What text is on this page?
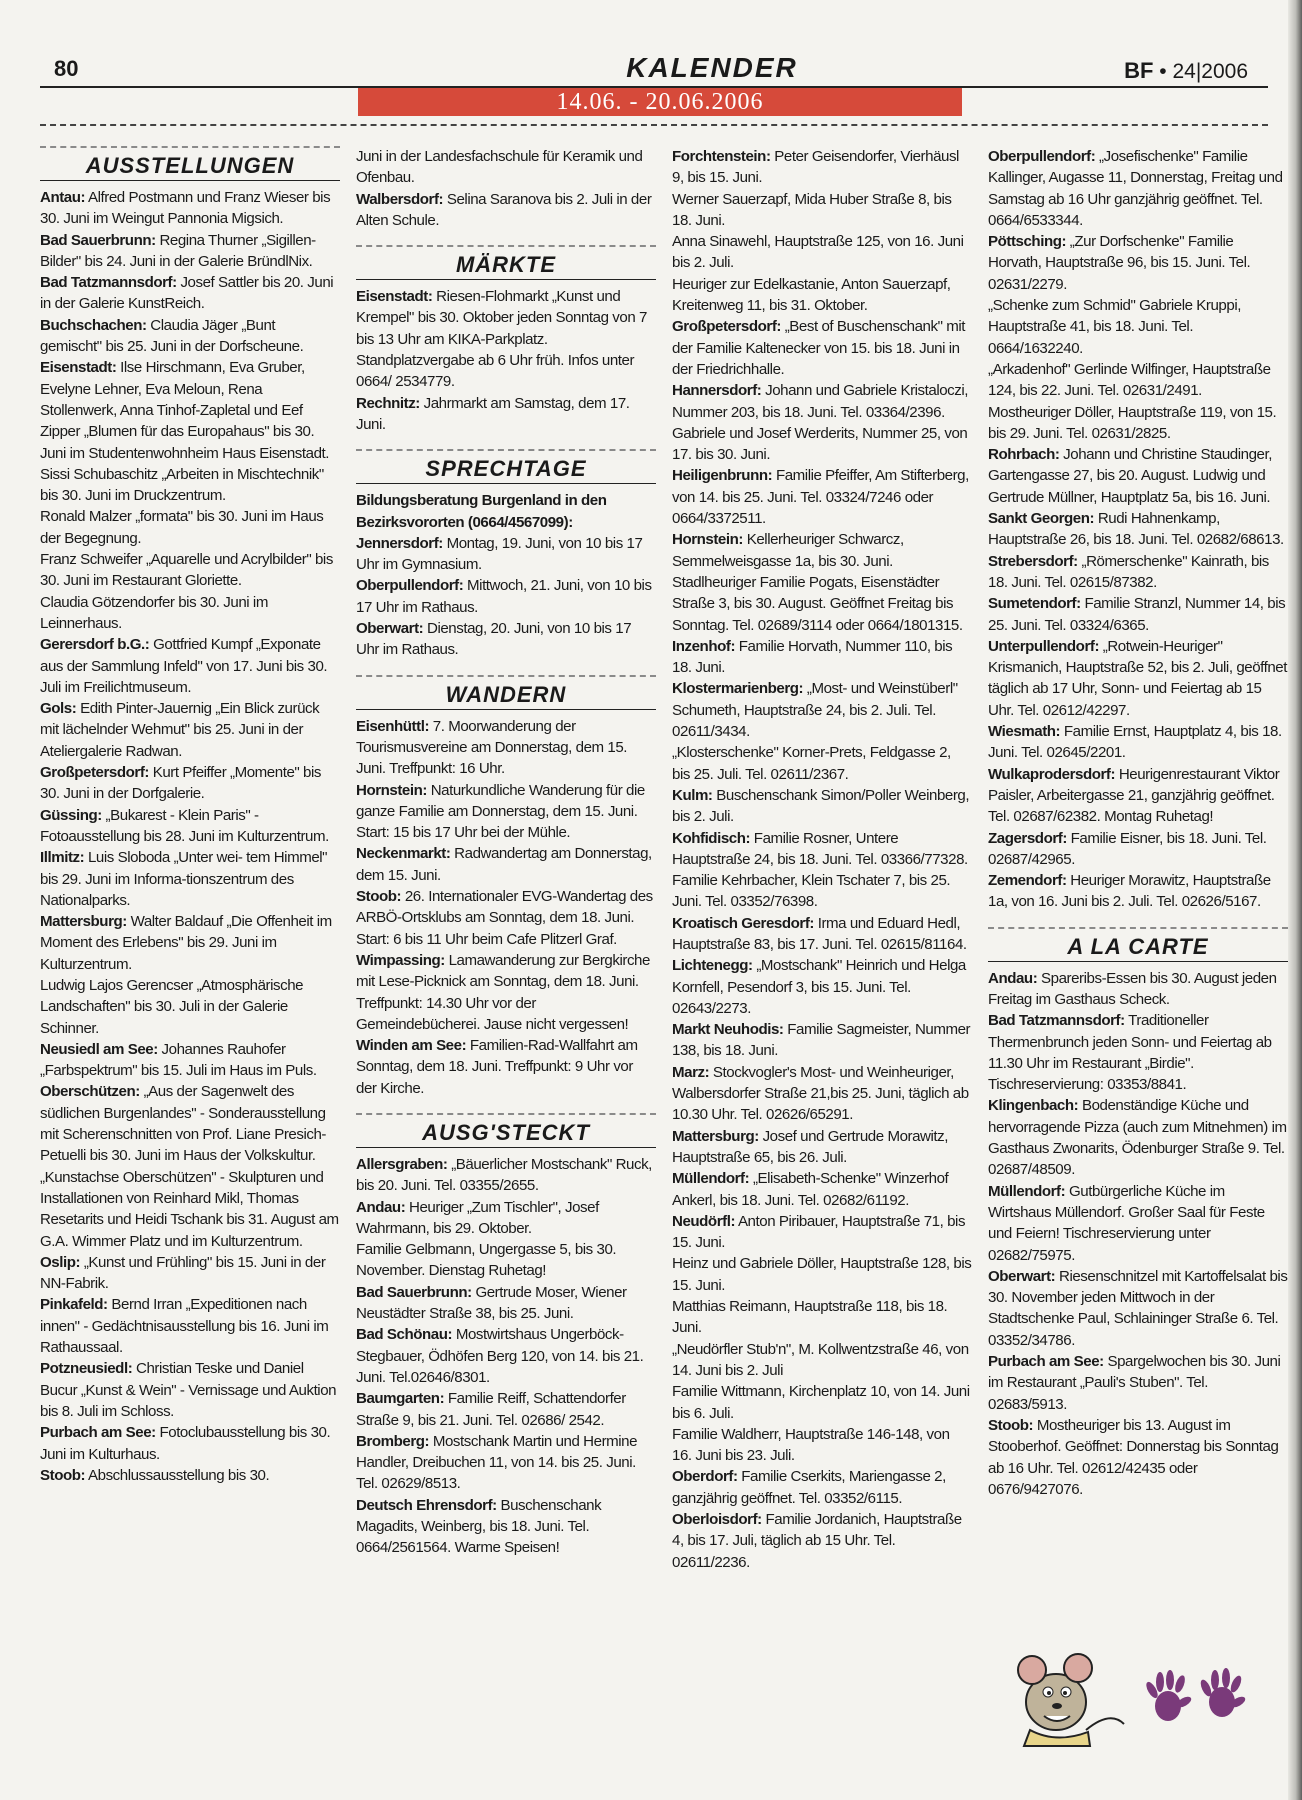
80	KALENDER	BF • 24|2006
14.06. - 20.06.2006
AUSSTELLUNGEN

Antau: Alfred Postmann und Franz Wieser bis 30. Juni im Weingut Pannonia Migsich.

Bad Sauerbrunn: Regina Thurner „Sigillen-Bilder" bis 24. Juni in der Galerie BründlNix.

Bad Tatzmannsdorf: Josef Sattler bis 20. Juni in der Galerie KunstReich.

Buchschachen: Claudia Jäger „Bunt gemischt" bis 25. Juni in der Dorfscheune.

Eisenstadt: Ilse Hirschmann, Eva Gruber, Evelyne Lehner, Eva Meloun, Rena Stollenwerk, Anna Tinhof-Zapletal und Eef Zipper „Blumen für das Europahaus" bis 30. Juni im Studentenwohnheim Haus Eisenstadt.

Sissi Schubaschitz „Arbeiten in Mischtechnik" bis 30. Juni im Druckzentrum.

Ronald Malzer „formata" bis 30. Juni im Haus der Begegnung.

Franz Schweifer „Aquarelle und Acrylbilder" bis 30. Juni im Restaurant Gloriette.

Claudia Götzendorfer bis 30. Juni im Leinnerhaus.

Gerersdorf b.G.: Gottfried Kumpf „Exponate aus der Sammlung Infeld" von 17. Juni bis 30. Juli im Freilichtmuseum.

Gols: Edith Pinter-Jauernig „Ein Blick zurück mit lächelnder Wehmut" bis 25. Juni in der Ateliergalerie Radwan.

Großpetersdorf: Kurt Pfeiffer „Momente" bis 30. Juni in der Dorfgalerie.

Güssing: „Bukarest - Klein Paris" - Fotoausstellung bis 28. Juni im Kulturzentrum.

Illmitz: Luis Sloboda „Unter wei- tem Himmel" bis 29. Juni im Informa-tionszentrum des Nationalparks.

Mattersburg: Walter Baldauf „Die Offenheit im Moment des Erlebens" bis 29. Juni im Kulturzentrum.

Ludwig Lajos Gerencser „Atmosphärische Landschaften" bis 30. Juli in der Galerie Schinner.

Neusiedl am See: Johannes Rauhofer „Farbspektrum" bis 15. Juli im Haus im Puls.

Oberschützen: „Aus der Sagenwelt des südlichen Burgenlandes" - Sonderausstellung mit Scherenschnitten von Prof. Liane Presich-Petuelli bis 30. Juni im Haus der Volkskultur.

„Kunstachse Oberschützen" - Skulpturen und Installationen von Reinhard Mikl, Thomas Resetarits und Heidi Tschank bis 31. August am G.A. Wimmer Platz und im Kulturzentrum.

Oslip: „Kunst und Frühling" bis 15. Juni in der NN-Fabrik.

Pinkafeld: Bernd Irran „Expeditionen nach innen" - Gedächtnisausstellung bis 16. Juni im Rathaussaal.

Potzneusiedl: Christian Teske und Daniel Bucur „Kunst & Wein" - Vernissage und Auktion bis 8. Juli im Schloss.

Purbach am See: Fotoclubausstellung bis 30. Juni im Kulturhaus.

Stoob: Abschlussausstellung bis 30.

Juni in der Landesfachschule für Keramik und Ofenbau.

Walbersdorf: Selina Saranova bis 2. Juli in der Alten Schule.

MÄRKTE

Eisenstadt: Riesen-Flohmarkt „Kunst und Krempel" bis 30. Oktober jeden Sonntag von 7 bis 13 Uhr am KIKA-Parkplatz. Standplatzvergabe ab 6 Uhr früh. Infos unter 0664/ 2534779.

Rechnitz: Jahrmarkt am Samstag, dem 17. Juni.

SPRECHTAGE

Bildungsberatung Burgenland in den Bezirksvororten (0664/4567099):

Jennersdorf: Montag, 19. Juni, von 10 bis 17 Uhr im Gymnasium.

Oberpullendorf: Mittwoch, 21. Juni, von 10 bis 17 Uhr im Rathaus.

Oberwart: Dienstag, 20. Juni, von 10 bis 17 Uhr im Rathaus.

WANDERN

Eisenhüttl: 7. Moorwanderung der Tourismusvereine am Donnerstag, dem 15. Juni. Treffpunkt: 16 Uhr.

Hornstein: Naturkundliche Wanderung für die ganze Familie am Donnerstag, dem 15. Juni. Start: 15 bis 17 Uhr bei der Mühle.

Neckenmarkt: Radwandertag am Donnerstag, dem 15. Juni.

Stoob: 26. Internationaler EVG-Wandertag des ARBÖ-Ortsklubs am Sonntag, dem 18. Juni. Start: 6 bis 11 Uhr beim Cafe Plitzerl Graf.

Wimpassing: Lamawanderung zur Bergkirche mit Lese-Picknick am Sonntag, dem 18. Juni. Treffpunkt: 14.30 Uhr vor der Gemeindebücherei. Jause nicht vergessen!

Winden am See: Familien-Rad-Wallfahrt am Sonntag, dem 18. Juni. Treffpunkt: 9 Uhr vor der Kirche.

AUSG'STECKT

Allersgraben: „Bäuerlicher Mostschank" Ruck, bis 20. Juni. Tel. 03355/2655.

Andau: Heuriger „Zum Tischler", Josef Wahrmann, bis 29. Oktober.

Familie Gelbmann, Ungergasse 5, bis 30. November. Dienstag Ruhetag!

Bad Sauerbrunn: Gertrude Moser, Wiener Neustädter Straße 38, bis 25. Juni.

Bad Schönau: Mostwirtshaus Ungerböck-Stegbauer, Ödhöfen Berg 120, von 14. bis 21. Juni. Tel.02646/8301.

Baumgarten: Familie Reiff, Schattendorfer Straße 9, bis 21. Juni. Tel. 02686/ 2542.

Bromberg: Mostschank Martin und Hermine Handler, Dreibuchen 11, von 14. bis 25. Juni. Tel. 02629/8513.

Deutsch Ehrensdorf: Buschenschank Magadits, Weinberg, bis 18. Juni. Tel. 0664/2561564. Warme Speisen!

Forchtenstein: Peter Geisendorfer, Vierhäusl 9, bis 15. Juni.

Werner Sauerzapf, Mida Huber Straße 8, bis 18. Juni.

Anna Sinawehl, Hauptstraße 125, von 16. Juni bis 2. Juli.

Heuriger zur Edelkastanie, Anton Sauerzapf, Kreitenweg 11, bis 31. Oktober.

Großpetersdorf: „Best of Buschenschank" mit der Familie Kaltenecker von 15. bis 18. Juni in der Friedrichhalle.

Hannersdorf: Johann und Gabriele Kristaloczi, Nummer 203, bis 18. Juni. Tel. 03364/2396.

Gabriele und Josef Werderits, Nummer 25, von 17. bis 30. Juni.

Heiligenbrunn: Familie Pfeiffer, Am Stifterberg, von 14. bis 25. Juni. Tel. 03324/7246 oder 0664/3372511.

Hornstein: Kellerheuriger Schwarcz, Semmelweisgasse 1a, bis 30. Juni.

Stadlheuriger Familie Pogats, Eisenstädter Straße 3, bis 30. August. Geöffnet Freitag bis Sonntag. Tel. 02689/3114 oder 0664/1801315.

Inzenhof: Familie Horvath, Nummer 110, bis 18. Juni.

Klostermarienberg: „Most- und Weinstüberl" Schumeth, Hauptstraße 24, bis 2. Juli. Tel. 02611/3434.

„Klosterschenke" Korner-Prets, Feldgasse 2, bis 25. Juli. Tel. 02611/2367.

Kulm: Buschenschank Simon/Poller Weinberg, bis 2. Juli.

Kohfidisch: Familie Rosner, Untere Hauptstraße 24, bis 18. Juni. Tel. 03366/77328.

Familie Kehrbacher, Klein Tschater 7, bis 25. Juni. Tel. 03352/76398.

Kroatisch Geresdorf: Irma und Eduard Hedl, Hauptstraße 83, bis 17. Juni. Tel. 02615/81164.

Lichtenegg: „Mostschank" Heinrich und Helga Kornfell, Pesendorf 3, bis 15. Juni. Tel. 02643/2273.

Markt Neuhodis: Familie Sagmeister, Nummer 138, bis 18. Juni.

Marz: Stockvogler's Most- und Weinheuriger, Walbersdorfer Straße 21,bis 25. Juni, täglich ab 10.30 Uhr. Tel. 02626/65291.

Mattersburg: Josef und Gertrude Morawitz, Hauptstraße 65, bis 26. Juli.

Müllendorf: „Elisabeth-Schenke" Winzerhof Ankerl, bis 18. Juni. Tel. 02682/61192.

Neudörfl: Anton Piribauer, Hauptstraße 71, bis 15. Juni.

Heinz und Gabriele Döller, Hauptstraße 128, bis 15. Juni.

Matthias Reimann, Hauptstraße 118, bis 18. Juni.

„Neudörfler Stub'n", M. Kollwentzstraße 46, von 14. Juni bis 2. Juli

Familie Wittmann, Kirchenplatz 10, von 14. Juni bis 6. Juli.

Familie Waldherr, Hauptstraße 146-148, von 16. Juni bis 23. Juli.

Oberdorf: Familie Cserkits, Mariengasse 2, ganzjährig geöffnet. Tel. 03352/6115.

Oberloisdorf: Familie Jordanich, Hauptstraße 4, bis 17. Juli, täglich ab 15 Uhr. Tel. 02611/2236.

Oberpullendorf: „Josefischenke" Familie Kallinger, Augasse 11, Donnerstag, Freitag und Samstag ab 16 Uhr ganzjährig geöffnet. Tel. 0664/6533344.

Pöttsching: „Zur Dorfschenke" Familie Horvath, Hauptstraße 96, bis 15. Juni. Tel. 02631/2279.

„Schenke zum Schmid" Gabriele Kruppi, Hauptstraße 41, bis 18. Juni. Tel. 0664/1632240.

„Arkadenhof" Gerlinde Wilfinger, Hauptstraße 124, bis 22. Juni. Tel. 02631/2491.

Mostheuriger Döller, Hauptstraße 119, von 15. bis 29. Juni. Tel. 02631/2825.

Rohrbach: Johann und Christine Staudinger, Gartengasse 27, bis 20. August. Ludwig und Gertrude Müllner, Hauptplatz 5a, bis 16. Juni.

Sankt Georgen: Rudi Hahnenkamp, Hauptstraße 26, bis 18. Juni. Tel. 02682/68613.

Strebersdorf: „Römerschenke" Kainrath, bis 18. Juni. Tel. 02615/87382.

Sumetendorf: Familie Stranzl, Nummer 14, bis 25. Juni. Tel. 03324/6365.

Unterpullendorf: „Rotwein-Heuriger" Krismanich, Hauptstraße 52, bis 2. Juli, geöffnet täglich ab 17 Uhr, Sonn- und Feiertag ab 15 Uhr. Tel. 02612/42297.

Wiesmath: Familie Ernst, Hauptplatz 4, bis 18. Juni. Tel. 02645/2201.

Wulkaprodersdorf: Heurigenrestaurant Viktor Paisler, Arbeitergasse 21, ganzjährig geöffnet. Tel. 02687/62382. Montag Ruhetag!

Zagersdorf: Familie Eisner, bis 18. Juni. Tel. 02687/42965.

Zemendorf: Heuriger Morawitz, Hauptstraße 1a, von 16. Juni bis 2. Juli. Tel. 02626/5167.

A LA CARTE

Andau: Spareribs-Essen bis 30. August jeden Freitag im Gasthaus Scheck.

Bad Tatzmannsdorf: Traditioneller Thermenbrunch jeden Sonn- und Feiertag ab 11.30 Uhr im Restaurant „Birdie". Tischreservierung: 03353/8841.

Klingenbach: Bodenständige Küche und hervorragende Pizza (auch zum Mitnehmen) im Gasthaus Zwonarits, Ödenburger Straße 9. Tel. 02687/48509.

Müllendorf: Gutbürgerliche Küche im Wirtshaus Müllendorf. Großer Saal für Feste und Feiern! Tischreservierung unter 02682/75975.

Oberwart: Riesenschnitzel mit Kartoffelsalat bis 30. November jeden Mittwoch in der Stadtschenke Paul, Schlaininger Straße 6. Tel. 03352/34786.

Purbach am See: Spargelwochen bis 30. Juni im Restaurant „Pauli's Stuben". Tel. 02683/5913.

Stoob: Mostheuriger bis 13. August im Stooberhof. Geöffnet: Donnerstag bis Sonntag ab 16 Uhr. Tel. 02612/42435 oder 0676/9427076.
